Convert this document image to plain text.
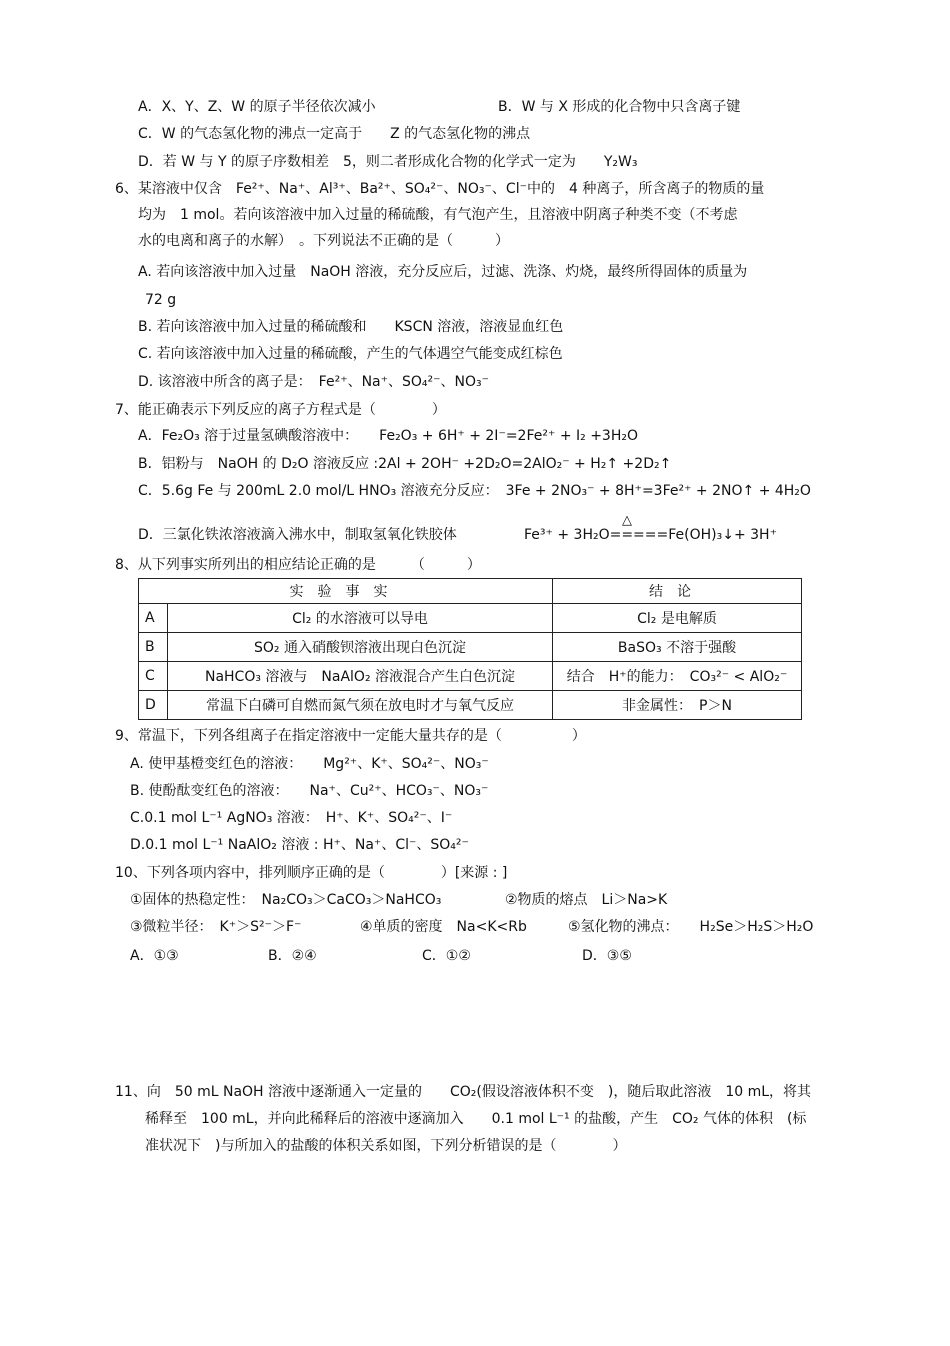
A．X、Y、Z、W 的原子半径依次减小	B．W 与 X 形成的化合物中只含离子键
C．W 的气态氢化物的沸点一定高于　　Z 的气态氢化物的沸点
D．若 W 与 Y 的原子序数相差　5，则二者形成化合物的化学式一定为　　Y₂W₃
6、某溶液中仅含　Fe²⁺、Na⁺、Al³⁺、Ba²⁺、SO₄²⁻、NO₃⁻、Cl⁻中的　4 种离子，所含离子的物质的量
均为　1 mol。若向该溶液中加入过量的稀硫酸，有气泡产生，且溶液中阴离子种类不变（不考虑
水的电离和离子的水解）　。下列说法不正确的是（　　　）
A. 若向该溶液中加入过量　NaOH 溶液，充分反应后，过滤、洗涤、灼烧，最终所得固体的质量为
72 g
B. 若向该溶液中加入过量的稀硫酸和　　KSCN 溶液，溶液显血红色
C. 若向该溶液中加入过量的稀硫酸，产生的气体遇空气能变成红棕色
D. 该溶液中所含的离子是：　Fe²⁺、Na⁺、SO₄²⁻、NO₃⁻
7、能正确表示下列反应的离子方程式是（　　　　）
A．Fe₂O₃ 溶于过量氢碘酸溶液中：　　Fe₂O₃ + 6H⁺ + 2I⁻=2Fe²⁺ + I₂ +3H₂O
B．铝粉与　NaOH 的 D₂O 溶液反应 :2Al + 2OH⁻ +2D₂O=2AlO₂⁻ + H₂↑ +2D₂↑
C．5.6g Fe 与 200mL 2.0 mol/L HNO₃ 溶液充分反应：　3Fe + 2NO₃⁻ + 8H⁺=3Fe²⁺ + 2NO↑ + 4H₂O
D．三氯化铁浓溶液滴入沸水中，制取氢氧化铁胶体
△
Fe³⁺ + 3H₂O=====Fe(OH)₃↓+ 3H⁺
8、从下列事实所列出的相应结论正确的是　　　（　　　）
实验事实		结论
A	Cl₂ 的水溶液可以导电	Cl₂ 是电解质
B	SO₂ 通入硝酸钡溶液出现白色沉淀	BaSO₃ 不溶于强酸
C	NaHCO₃ 溶液与　NaAlO₂ 溶液混合产生白色沉淀	结合　H⁺的能力：　CO₃²⁻ < AlO₂⁻
D	常温下白磷可自燃而氮气须在放电时才与氧气反应	非金属性：　P＞N
9、常温下，下列各组离子在指定溶液中一定能大量共存的是（　　　　　）
A. 使甲基橙变红色的溶液：　　Mg²⁺、K⁺、SO₄²⁻、NO₃⁻
B. 使酚酞变红色的溶液：　　Na⁺、Cu²⁺、HCO₃⁻、NO₃⁻
C.0.1 mol L⁻¹ AgNO₃ 溶液：　H⁺、K⁺、SO₄²⁻、I⁻
D.0.1 mol L⁻¹ NaAlO₂ 溶液 : H⁺、Na⁺、Cl⁻、SO₄²⁻
10、下列各项内容中，排列顺序正确的是（　　　　）[来源 : ]
①固体的热稳定性：　Na₂CO₃＞CaCO₃＞NaHCO₃	②物质的熔点　Li＞Na>K
③微粒半径：　K⁺＞S²⁻＞F⁻	④单质的密度　Na<K<Rb	⑤氢化物的沸点：　　H₂Se＞H₂S＞H₂O
A．①③	B．②④	C．①②	D．③⑤
11、向　50 mL NaOH 溶液中逐渐通入一定量的　　CO₂(假设溶液体积不变　)，随后取此溶液　10 mL，将其
稀释至　100 mL，并向此稀释后的溶液中逐滴加入　　0.1 mol L⁻¹ 的盐酸，产生　CO₂ 气体的体积　(标
准状况下　)与所加入的盐酸的体积关系如图，下列分析错误的是（　　　　）
